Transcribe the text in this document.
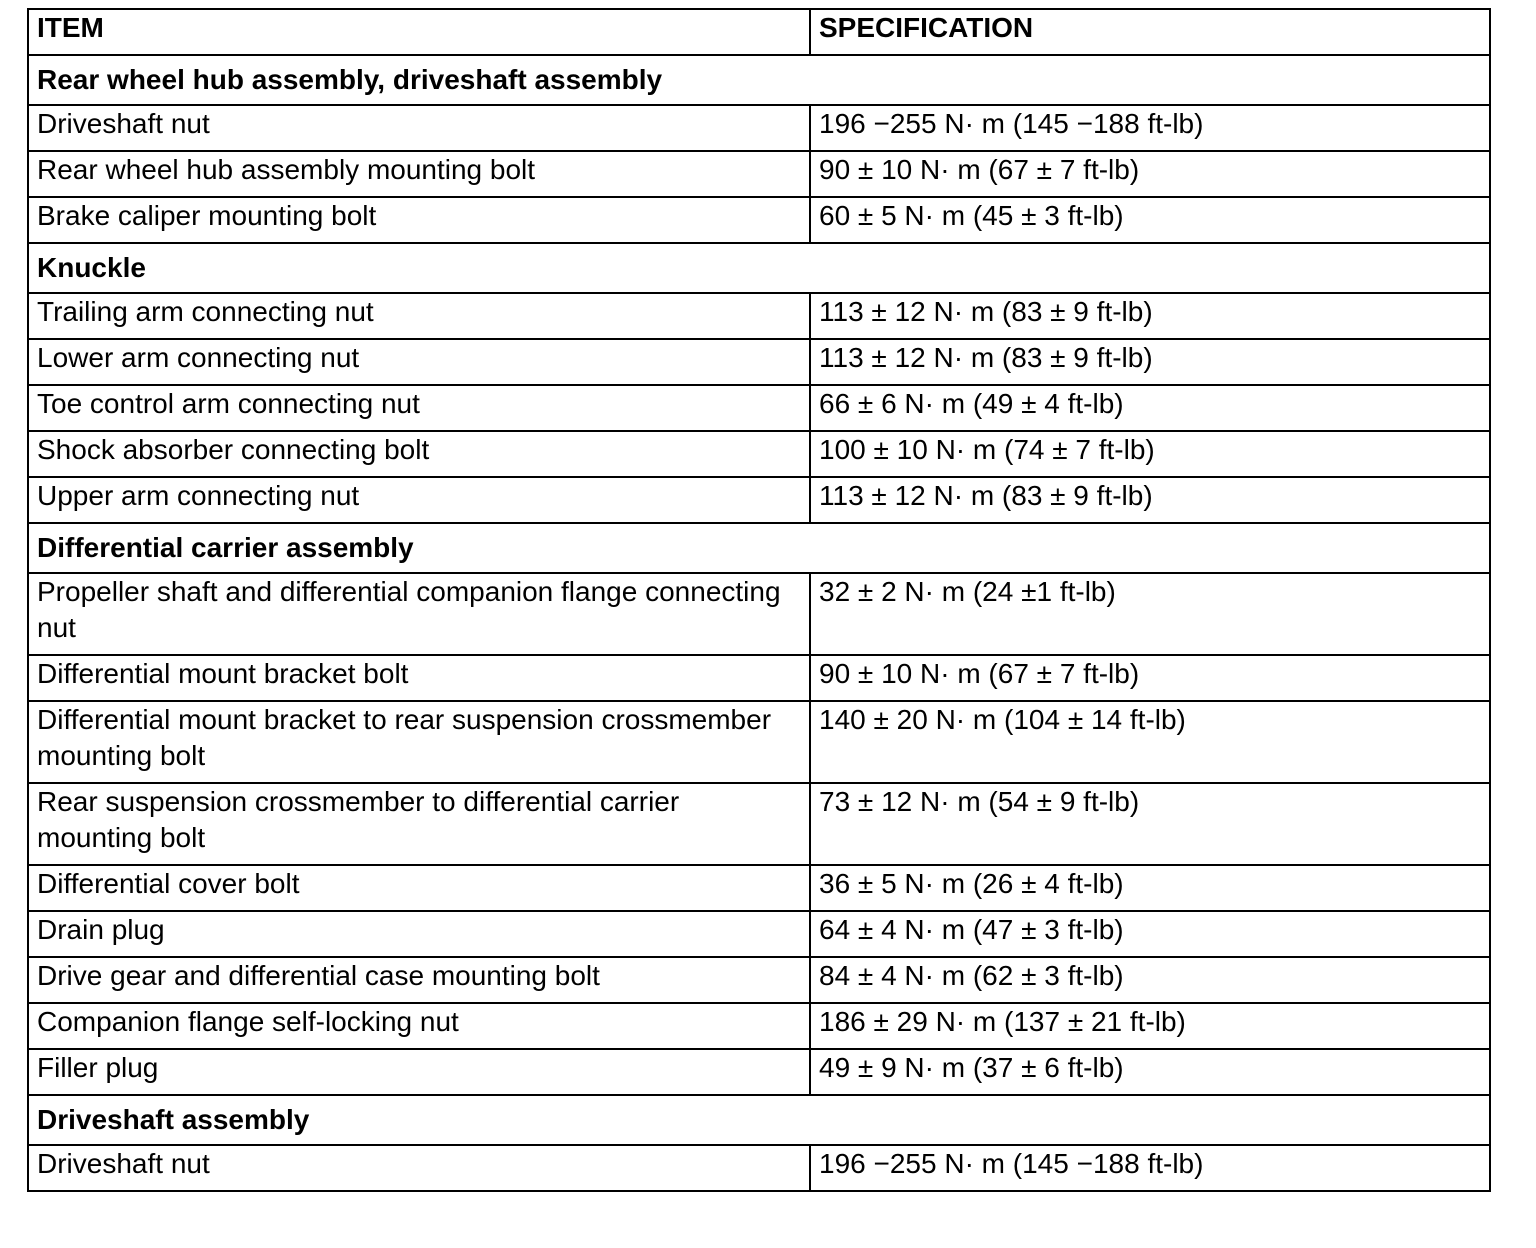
ITEM	SPECIFICATION
Rear wheel hub assembly, driveshaft assembly	
Driveshaft nut	196 −255 N· m (145 −188 ft-lb)
Rear wheel hub assembly mounting bolt	90 ± 10 N· m (67 ± 7 ft-lb)
Brake caliper mounting bolt	60 ± 5 N· m (45 ± 3 ft-lb)
Knuckle	
Trailing arm connecting nut	113 ± 12 N· m (83 ± 9 ft-lb)
Lower arm connecting nut	113 ± 12 N· m (83 ± 9 ft-lb)
Toe control arm connecting nut	66 ± 6 N· m (49 ± 4 ft-lb)
Shock absorber connecting bolt	100 ± 10 N· m (74 ± 7 ft-lb)
Upper arm connecting nut	113 ± 12 N· m (83 ± 9 ft-lb)
Differential carrier assembly	
Propeller shaft and differential companion flange connecting nut	32 ± 2 N· m (24 ±1 ft-lb)
Differential mount bracket bolt	90 ± 10 N· m (67 ± 7 ft-lb)
Differential mount bracket to rear suspension crossmember mounting bolt	140 ± 20 N· m (104 ± 14 ft-lb)
Rear suspension crossmember to differential carrier mounting bolt	73 ± 12 N· m (54 ± 9 ft-lb)
Differential cover bolt	36 ± 5 N· m (26 ± 4 ft-lb)
Drain plug	64 ± 4 N· m (47 ± 3 ft-lb)
Drive gear and differential case mounting bolt	84 ± 4 N· m (62 ± 3 ft-lb)
Companion flange self-locking nut	186 ± 29 N· m (137 ± 21 ft-lb)
Filler plug	49 ± 9 N· m (37 ± 6 ft-lb)
Driveshaft assembly	
Driveshaft nut	196 −255 N· m (145 −188 ft-lb)
